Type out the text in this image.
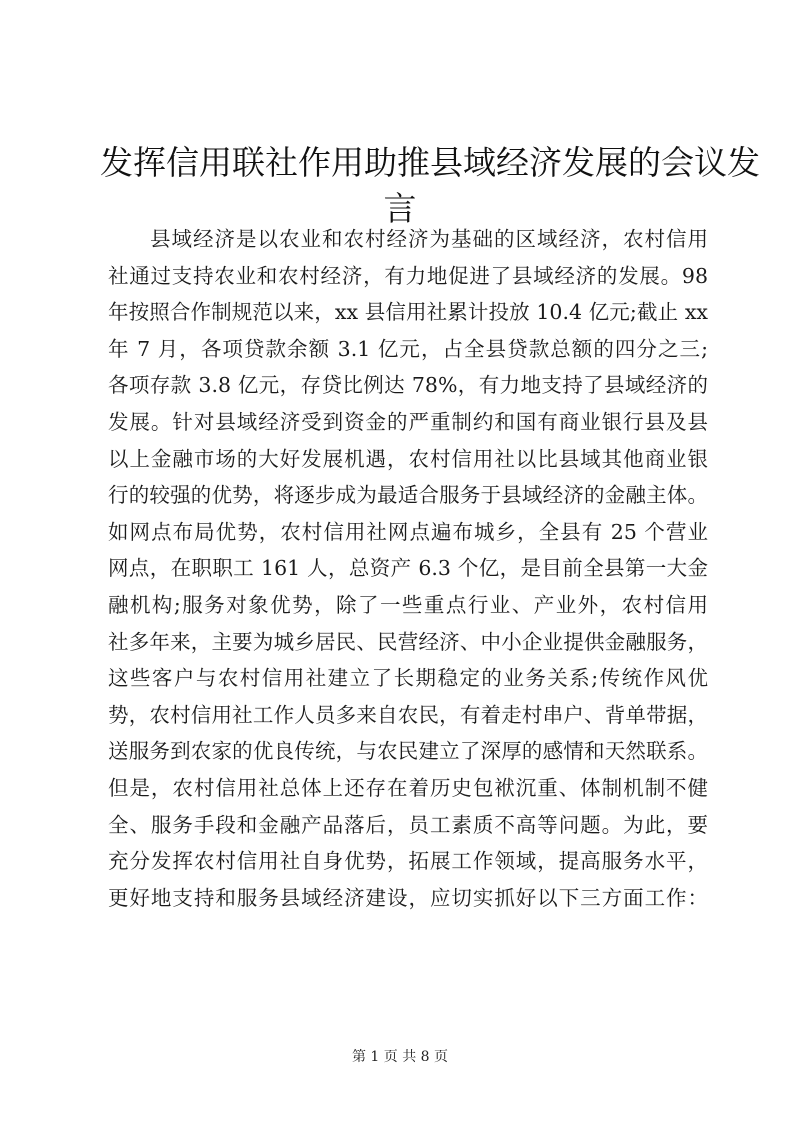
发挥信用联社作用助推县域经济发展的会议发
言
县域经济是以农业和农村经济为基础的区域经济，农村信用
社通过支持农业和农村经济，有力地促进了县域经济的发展。98
年按照合作制规范以来，xx 县信用社累计投放 10.4 亿元;截止 xx
年 7 月，各项贷款余额 3.1 亿元，占全县贷款总额的四分之三;
各项存款 3.8 亿元，存贷比例达 78%，有力地支持了县域经济的
发展。针对县域经济受到资金的严重制约和国有商业银行县及县
以上金融市场的大好发展机遇，农村信用社以比县域其他商业银
行的较强的优势，将逐步成为最适合服务于县域经济的金融主体。
如网点布局优势，农村信用社网点遍布城乡，全县有 25 个营业
网点，在职职工 161 人，总资产 6.3 个亿，是目前全县第一大金
融机构;服务对象优势，除了一些重点行业、产业外，农村信用
社多年来，主要为城乡居民、民营经济、中小企业提供金融服务，
这些客户与农村信用社建立了长期稳定的业务关系;传统作风优
势，农村信用社工作人员多来自农民，有着走村串户、背单带据，
送服务到农家的优良传统，与农民建立了深厚的感情和天然联系。
但是，农村信用社总体上还存在着历史包袱沉重、体制机制不健
全、服务手段和金融产品落后，员工素质不高等问题。为此，要
充分发挥农村信用社自身优势，拓展工作领域，提高服务水平，
更好地支持和服务县域经济建设，应切实抓好以下三方面工作：
第 1 页 共 8 页
